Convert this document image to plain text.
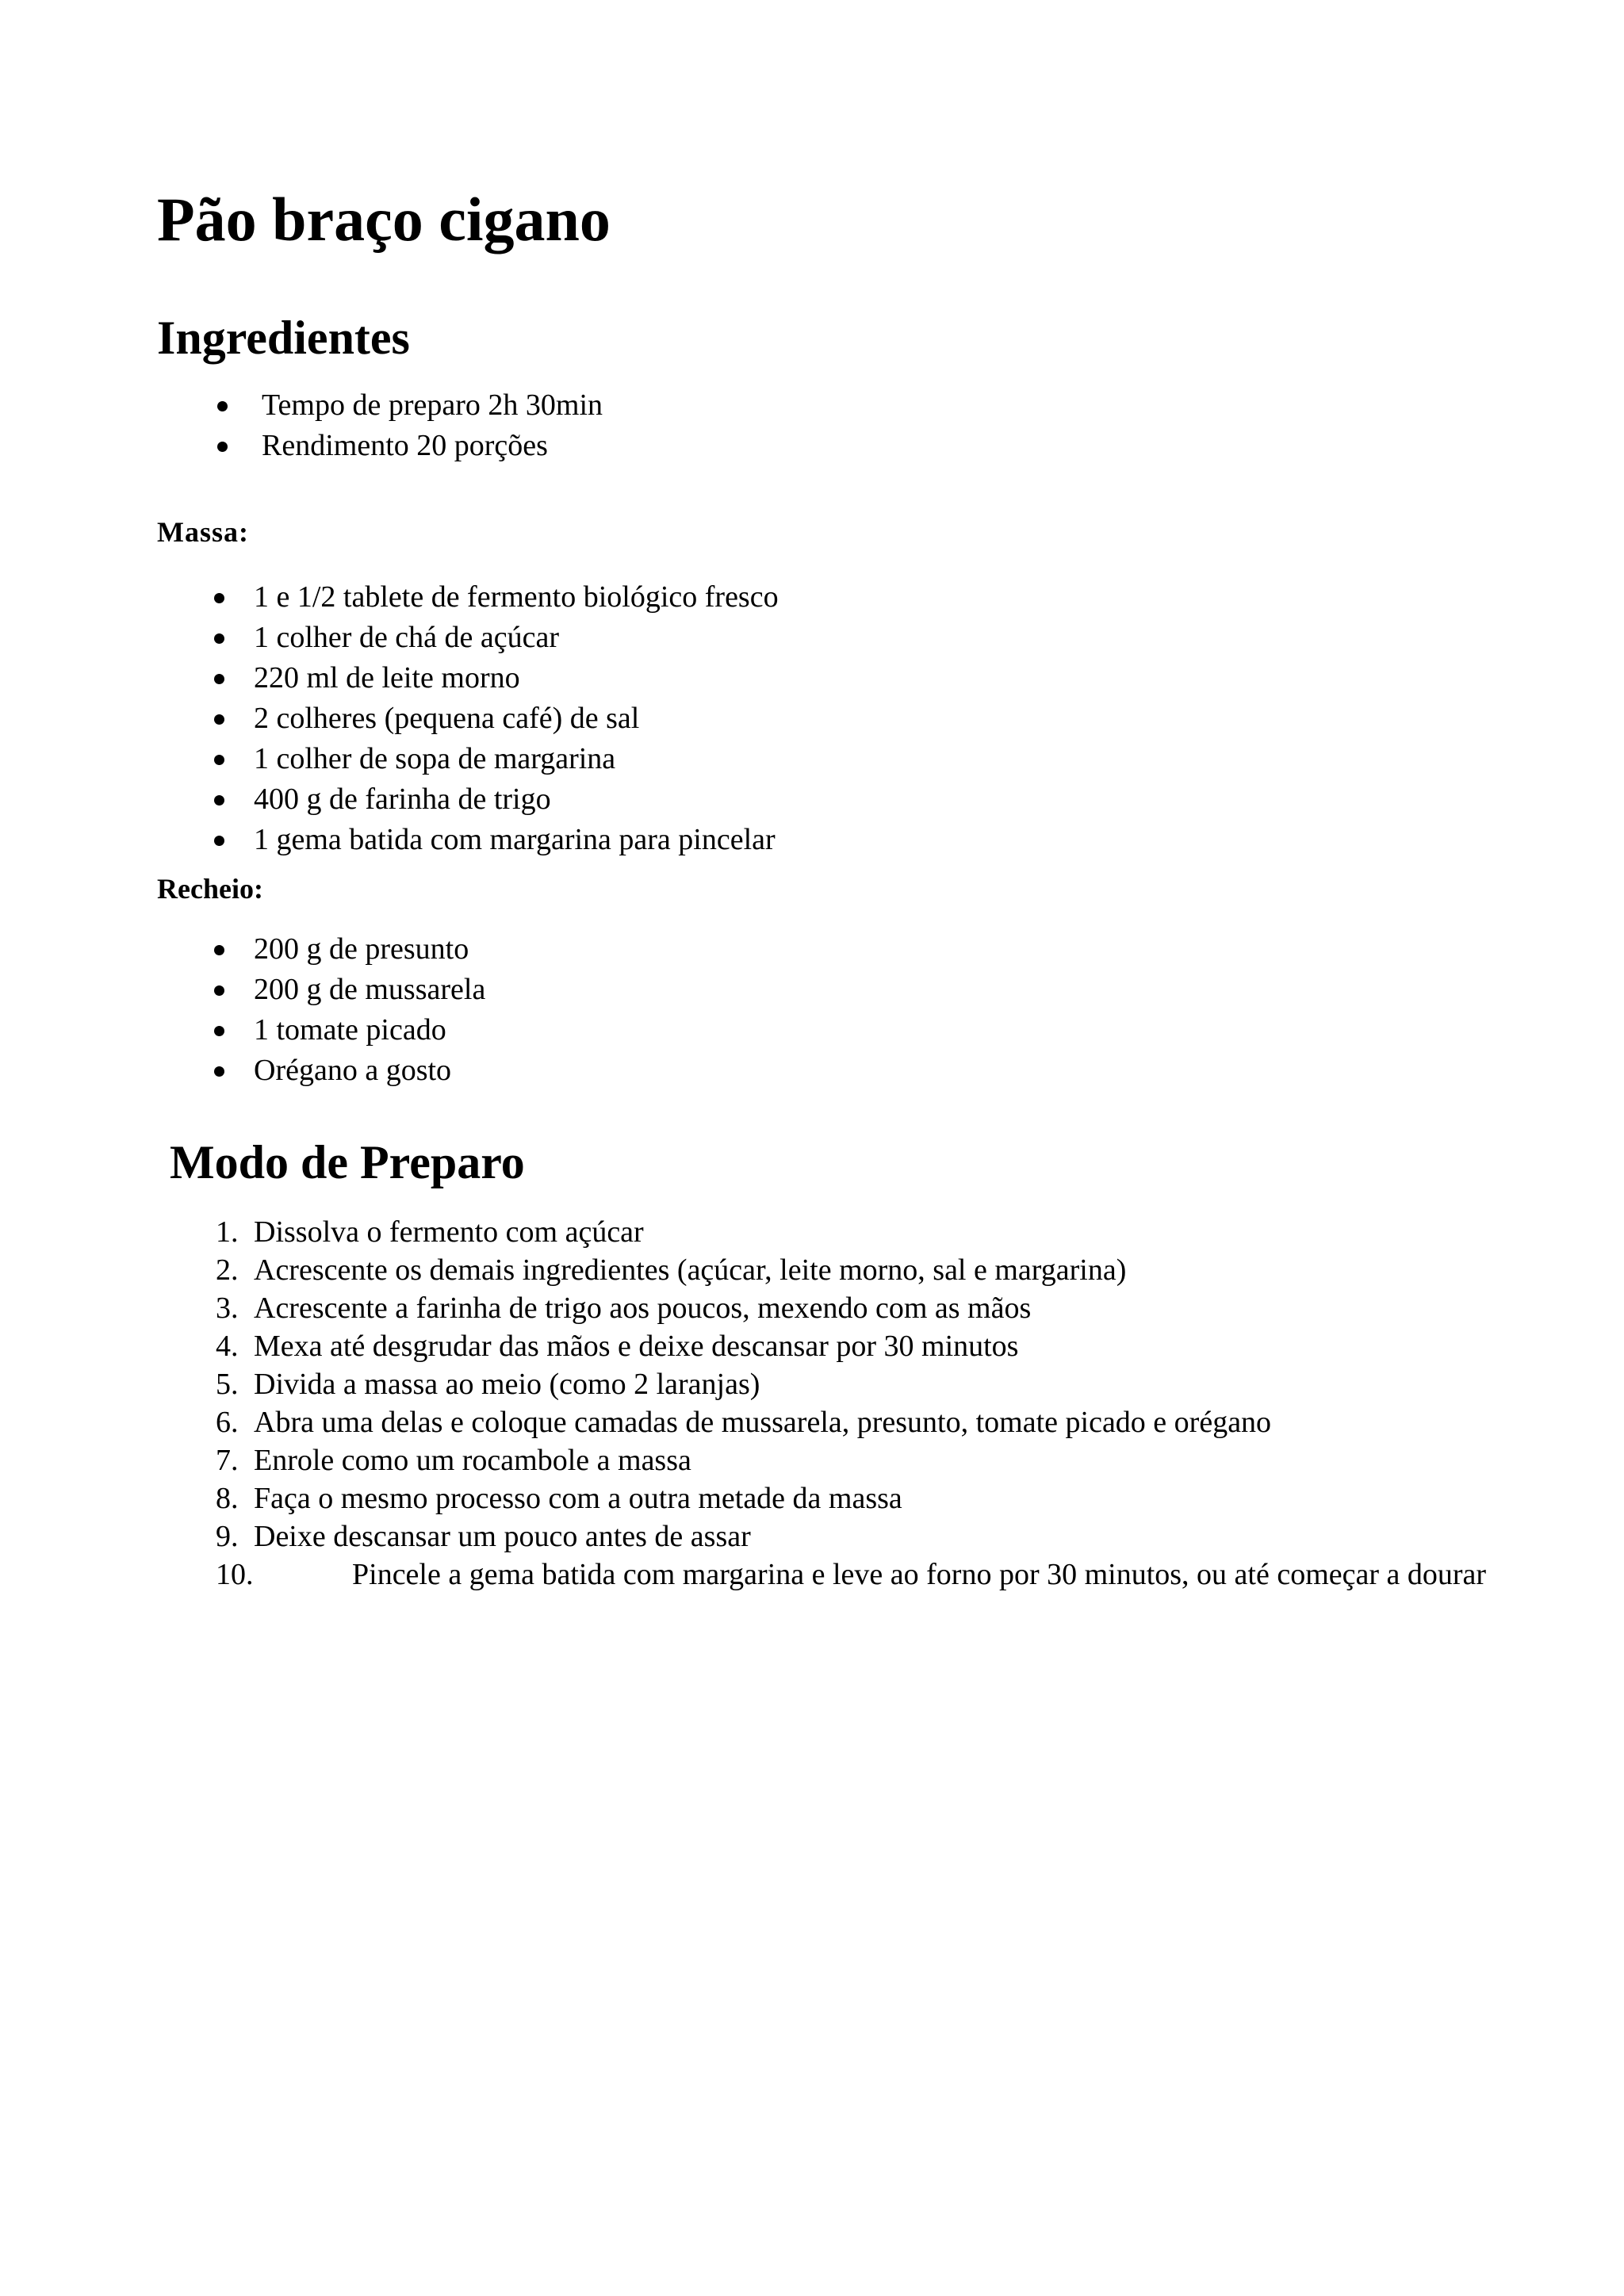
Pão braço cigano
Ingredientes
Tempo de preparo 2h 30min
Rendimento 20 porções
Massa:
1 e 1/2 tablete de fermento biológico fresco
1 colher de chá de açúcar
220 ml de leite morno
2 colheres (pequena café) de sal
1 colher de sopa de margarina
400 g de farinha de trigo
1 gema batida com margarina para pincelar
Recheio:
200 g de presunto
200 g de mussarela
1 tomate picado
Orégano a gosto
Modo de Preparo
1. Dissolva o fermento com açúcar
2. Acrescente os demais ingredientes (açúcar, leite morno, sal e margarina)
3. Acrescente a farinha de trigo aos poucos, mexendo com as mãos
4. Mexa até desgrudar das mãos e deixe descansar por 30 minutos
5. Divida a massa ao meio (como 2 laranjas)
6. Abra uma delas e coloque camadas de mussarela, presunto, tomate picado e orégano
7. Enrole como um rocambole a massa
8. Faça o mesmo processo com a outra metade da massa
9. Deixe descansar um pouco antes de assar
10.	Pincele a gema batida com margarina e leve ao forno por 30 minutos, ou até começar a dourar
